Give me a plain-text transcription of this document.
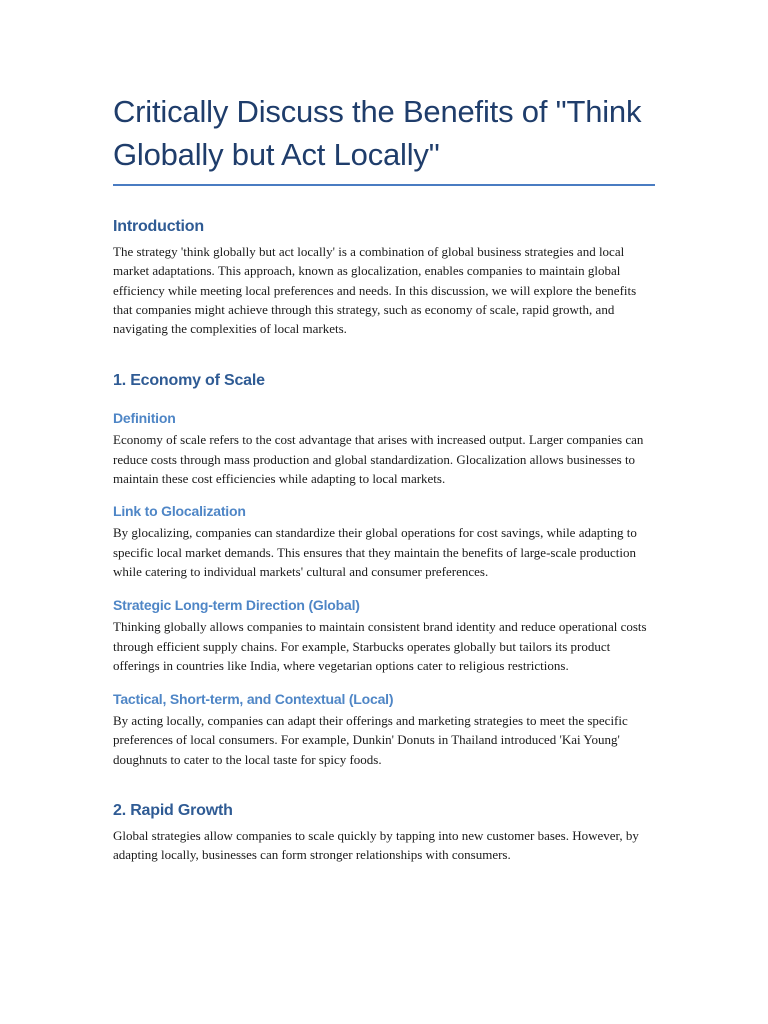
Critically Discuss the Benefits of "Think Globally but Act Locally"
Introduction

The strategy 'think globally but act locally' is a combination of global business strategies and local market adaptations. This approach, known as glocalization, enables companies to maintain global efficiency while meeting local preferences and needs. In this discussion, we will explore the benefits that companies might achieve through this strategy, such as economy of scale, rapid growth, and navigating the complexities of local markets.

1. Economy of Scale
Definition

Economy of scale refers to the cost advantage that arises with increased output. Larger companies can reduce costs through mass production and global standardization. Glocalization allows businesses to maintain these cost efficiencies while adapting to local markets.

Link to Glocalization

By glocalizing, companies can standardize their global operations for cost savings, while adapting to specific local market demands. This ensures that they maintain the benefits of large-scale production while catering to individual markets' cultural and consumer preferences.

Strategic Long-term Direction (Global)

Thinking globally allows companies to maintain consistent brand identity and reduce operational costs through efficient supply chains. For example, Starbucks operates globally but tailors its product offerings in countries like India, where vegetarian options cater to religious restrictions.

Tactical, Short-term, and Contextual (Local)

By acting locally, companies can adapt their offerings and marketing strategies to meet the specific preferences of local consumers. For example, Dunkin' Donuts in Thailand introduced 'Kai Young' doughnuts to cater to the local taste for spicy foods.

2. Rapid Growth

Global strategies allow companies to scale quickly by tapping into new customer bases. However, by adapting locally, businesses can form stronger relationships with consumers.
